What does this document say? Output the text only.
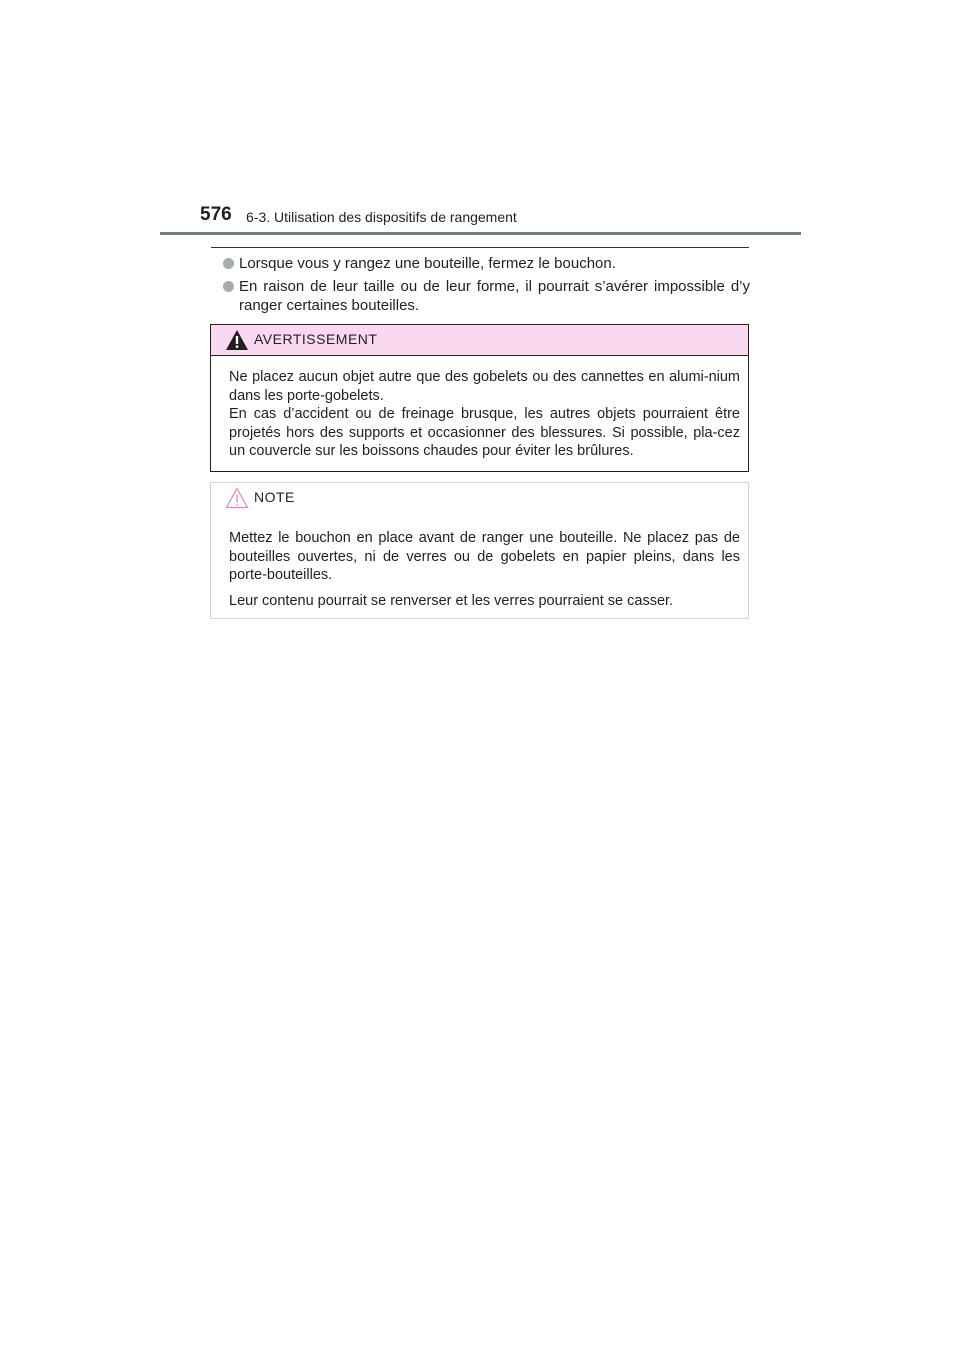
576 6-3. Utilisation des dispositifs de rangement
Lorsque vous y rangez une bouteille, fermez le bouchon.
En raison de leur taille ou de leur forme, il pourrait s’avérer impossible d’y ranger certaines bouteilles.
AVERTISSEMENT

Ne placez aucun objet autre que des gobelets ou des cannettes en alumi-nium dans les porte-gobelets.

En cas d’accident ou de freinage brusque, les autres objets pourraient être projetés hors des supports et occasionner des blessures. Si possible, pla-cez un couvercle sur les boissons chaudes pour éviter les brûlures.

NOTE

Mettez le bouchon en place avant de ranger une bouteille. Ne placez pas de bouteilles ouvertes, ni de verres ou de gobelets en papier pleins, dans les porte-bouteilles.

Leur contenu pourrait se renverser et les verres pourraient se casser.
